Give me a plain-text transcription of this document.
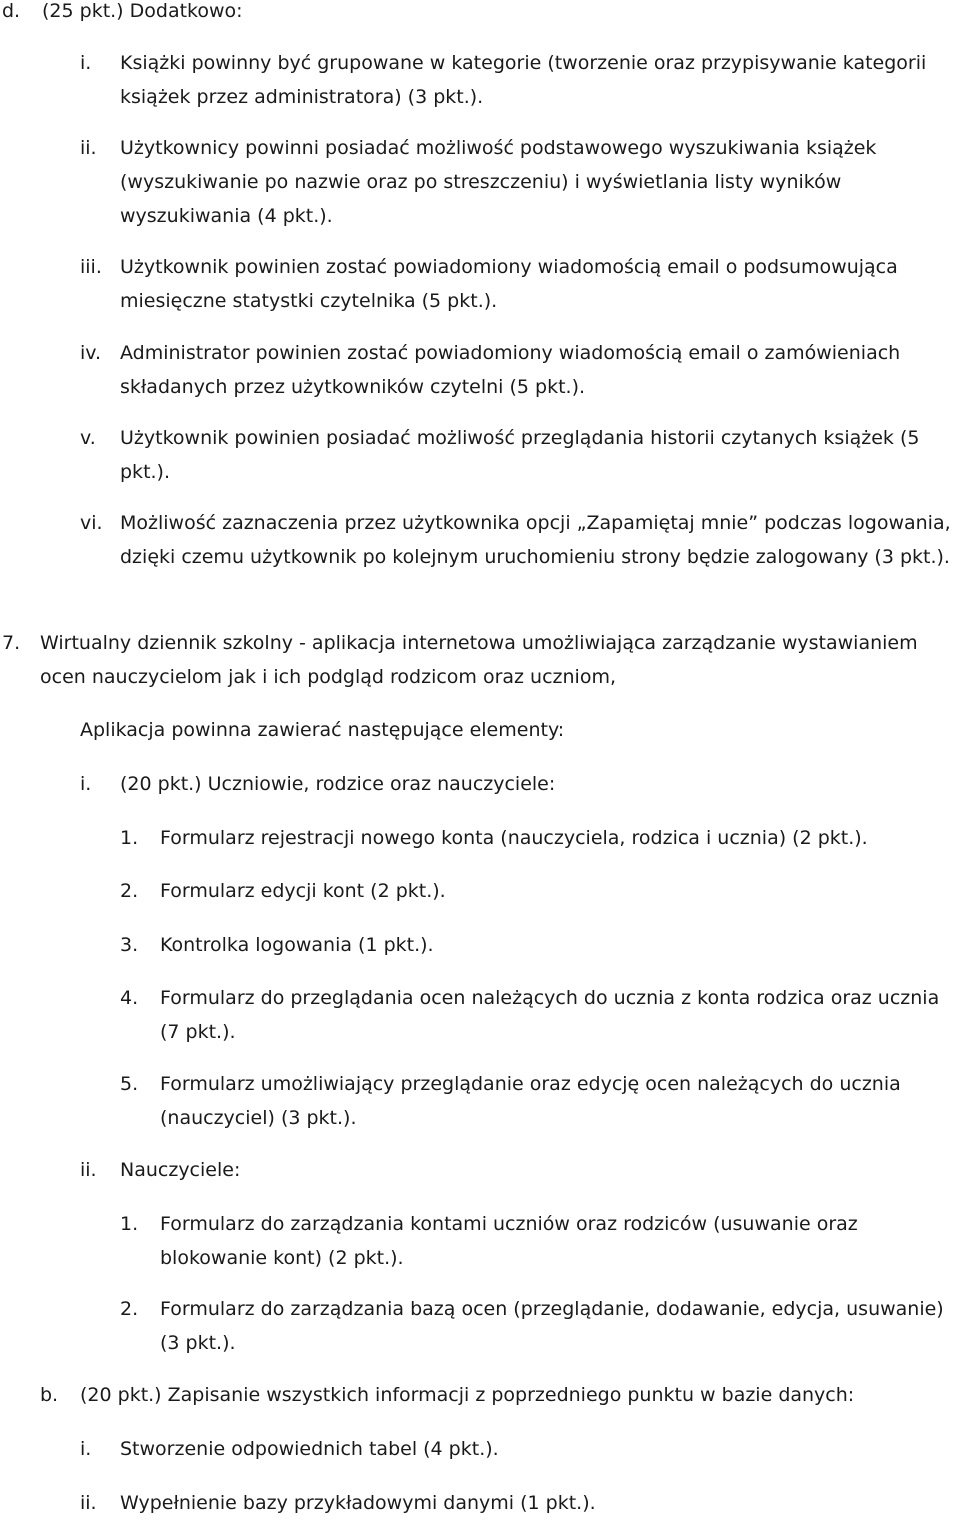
d.	(25 pkt.) Dodatkowo:
i.	Książki powinny być grupowane w kategorie (tworzenie oraz przypisywanie kategorii książek przez administratora) (3 pkt.).
ii.	Użytkownicy powinni posiadać możliwość podstawowego wyszukiwania książek (wyszukiwanie po nazwie oraz po streszczeniu) i wyświetlania listy wyników wyszukiwania (4 pkt.).
iii. Użytkownik powinien zostać powiadomiony wiadomością email o podsumowująca miesięczne statystki czytelnika (5 pkt.).
iv. Administrator powinien zostać powiadomiony wiadomością email o zamówieniach składanych przez użytkowników czytelni (5 pkt.).
v.	Użytkownik powinien posiadać możliwość przeglądania historii czytanych książek (5 pkt.).
vi. Możliwość zaznaczenia przez użytkownika opcji „Zapamiętaj mnie” podczas logowania, dzięki czemu użytkownik po kolejnym uruchomieniu strony będzie zalogowany (3 pkt.).
7.	Wirtualny dziennik szkolny - aplikacja internetowa umożliwiająca zarządzanie wystawianiem ocen nauczycielom jak i ich podgląd rodzicom oraz uczniom,
Aplikacja powinna zawierać następujące elementy:
i.	(20 pkt.) Uczniowie, rodzice oraz nauczyciele:
1.	Formularz rejestracji nowego konta (nauczyciela, rodzica i ucznia) (2 pkt.).
2.	Formularz edycji kont (2 pkt.).
3.	Kontrolka logowania (1 pkt.).
4.	Formularz do przeglądania ocen należących do ucznia z konta rodzica oraz ucznia (7 pkt.).
5.	Formularz umożliwiający przeglądanie oraz edycję ocen należących do ucznia (nauczyciel) (3 pkt.).
ii.	Nauczyciele:
1.	Formularz do zarządzania kontami uczniów oraz rodziców (usuwanie oraz blokowanie kont) (2 pkt.).
2.	Formularz do zarządzania bazą ocen (przeglądanie, dodawanie, edycja, usuwanie) (3 pkt.).
b.	(20 pkt.) Zapisanie wszystkich informacji z poprzedniego punktu w bazie danych:
i.	Stworzenie odpowiednich tabel (4 pkt.).
ii.	Wypełnienie bazy przykładowymi danymi (1 pkt.).
